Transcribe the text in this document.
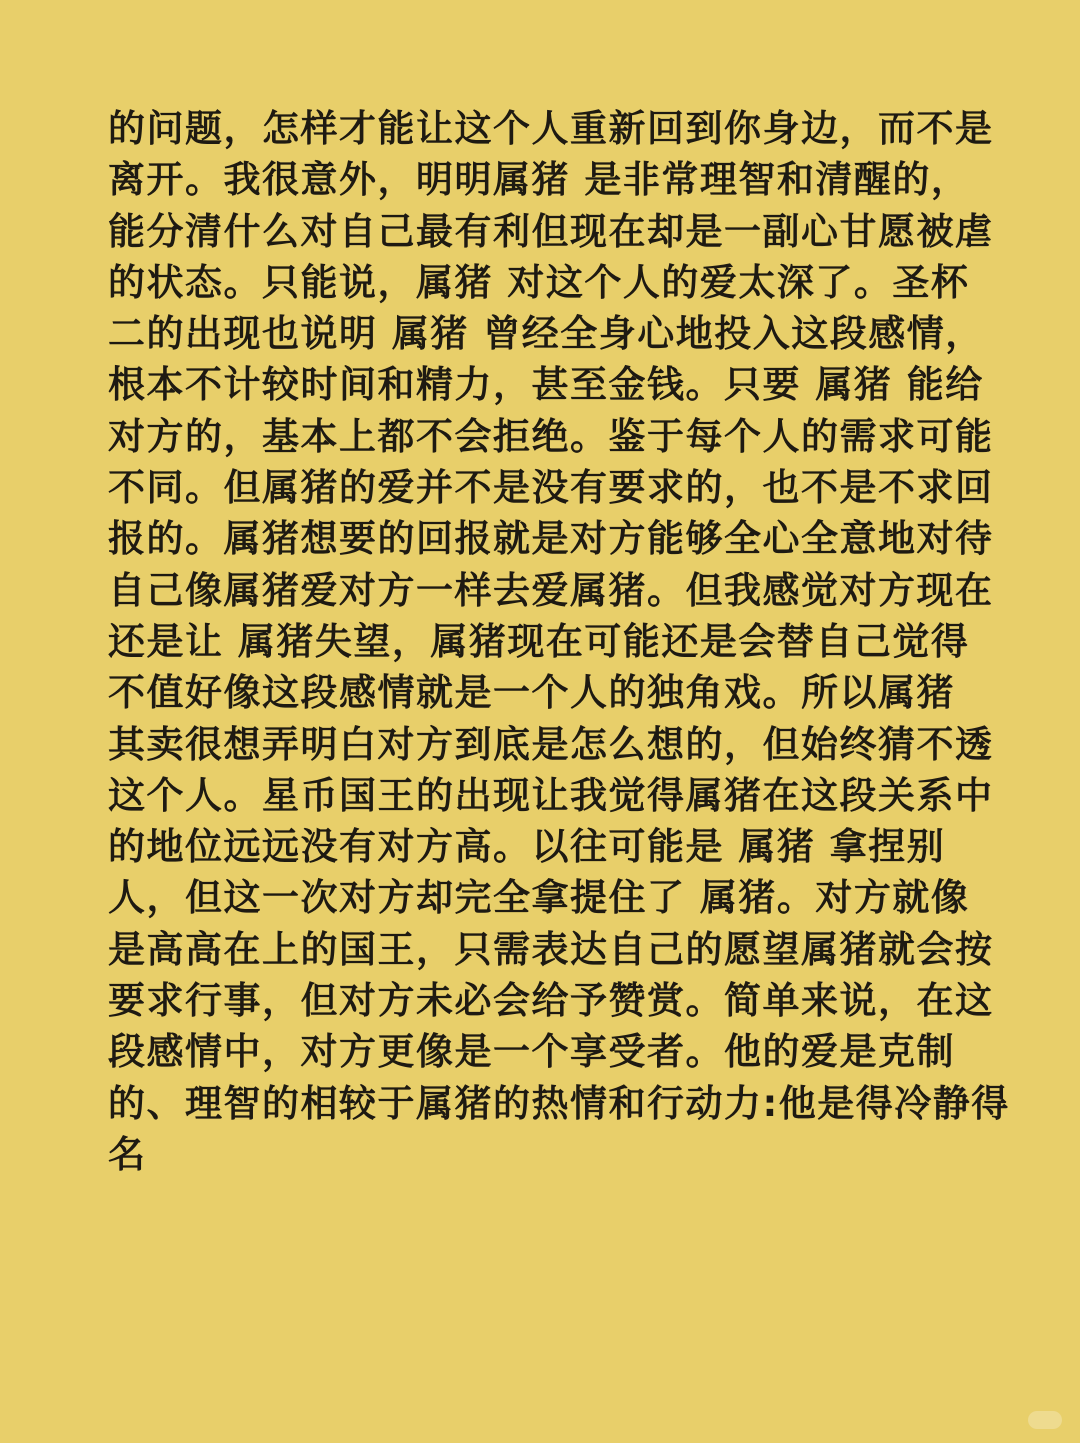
的问题，怎样才能让这个人重新回到你身边，而不是
离开。我很意外，明明属猪 是非常理智和清醒的，
能分清什么对自己最有利但现在却是一副心甘愿被虐
的状态。只能说，属猪 对这个人的爱太深了。圣杯
二的出现也说明 属猪 曾经全身心地投入这段感情，
根本不计较时间和精力，甚至金钱。只要 属猪 能给
对方的，基本上都不会拒绝。鉴于每个人的需求可能
不同。但属猪的爱并不是没有要求的，也不是不求回
报的。属猪想要的回报就是对方能够全心全意地对待
自己像属猪爱对方一样去爱属猪。但我感觉对方现在
还是让 属猪失望，属猪现在可能还是会替自己觉得
不值好像这段感情就是一个人的独角戏。所以属猪
其卖很想弄明白对方到底是怎么想的，但始终猜不透
这个人。星币国王的出现让我觉得属猪在这段关系中
的地位远远没有对方高。以往可能是 属猪 拿捏别
人，但这一次对方却完全拿提住了 属猪。对方就像
是高高在上的国王，只需表达自己的愿望属猪就会按
要求行事，但对方未必会给予赞赏。简单来说，在这
段感情中，对方更像是一个享受者。他的爱是克制
的、理智的相较于属猪的热情和行动力:他是得冷静得
名
